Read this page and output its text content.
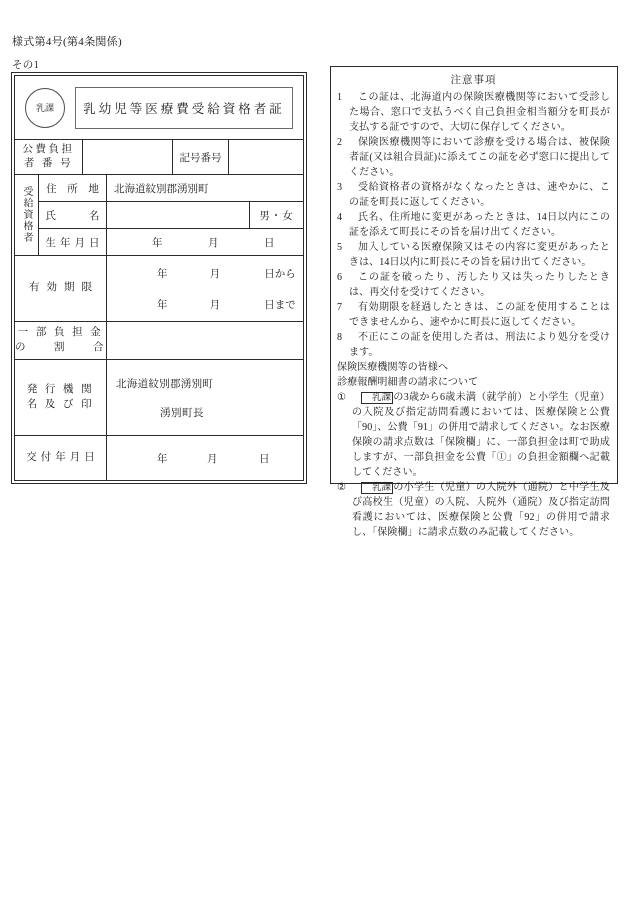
様式第4号(第4条関係)
その1
乳課	乳幼児等医療費受給資格者証
公費負担
者 番 号	記号番号
受給資格者	住 所 地	北海道紋別郡湧別町
氏　　名	男・女
生年月日	年	月	日
有効期限
年	月	日から
年	月	日まで
一 部 負 担 金
の　　割　　合
発 行 機 関
名 及 び 印
北海道紋別郡湧別町
湧別町長
交付年月日	年	月	日
注意事項
1	この証は、北海道内の保険医療機関等において受診した場合、窓口で支払うべく自己負担金相当額分を町長が支払する証ですので、大切に保存してください。
2	保険医療機関等において診療を受ける場合は、被保険者証(又は組合員証)に添えてこの証を必ず窓口に提出してください。
3	受給資格者の資格がなくなったときは、速やかに、この証を町長に返してください。
4	氏名、住所地に変更があったときは、14日以内にこの証を添えて町長にその旨を届け出てください。
5	加入している医療保険又はその内容に変更があったときは、14日以内に町長にその旨を届け出てください。
6	この証を破ったり、汚したり又は失ったりしたときは、再交付を受けてください。
7	有効期限を経過したときは、この証を使用することはできませんから、速やかに町長に返してください。
8	不正にこの証を使用した者は、刑法により処分を受けます。
保険医療機関等の皆様へ
診療報酬明細書の請求について
①	乳課 の3歳から6歳未満（就学前）と小学生（児童）の入院及び指定訪問看護においては、医療保険と公費「90」、公費「91」の併用で請求してください。なお医療保険の請求点数は「保険欄」に、一部負担金は町で助成しますが、一部負担金を公費「①」の負担金額欄へ記載してください。
②	乳課 の小学生（児童）の入院外（通院）と中学生及び高校生（児童）の入院、入院外（通院）及び指定訪問看護においては、医療保険と公費「92」の併用で請求し、「保険欄」に請求点数のみ記載してください。
